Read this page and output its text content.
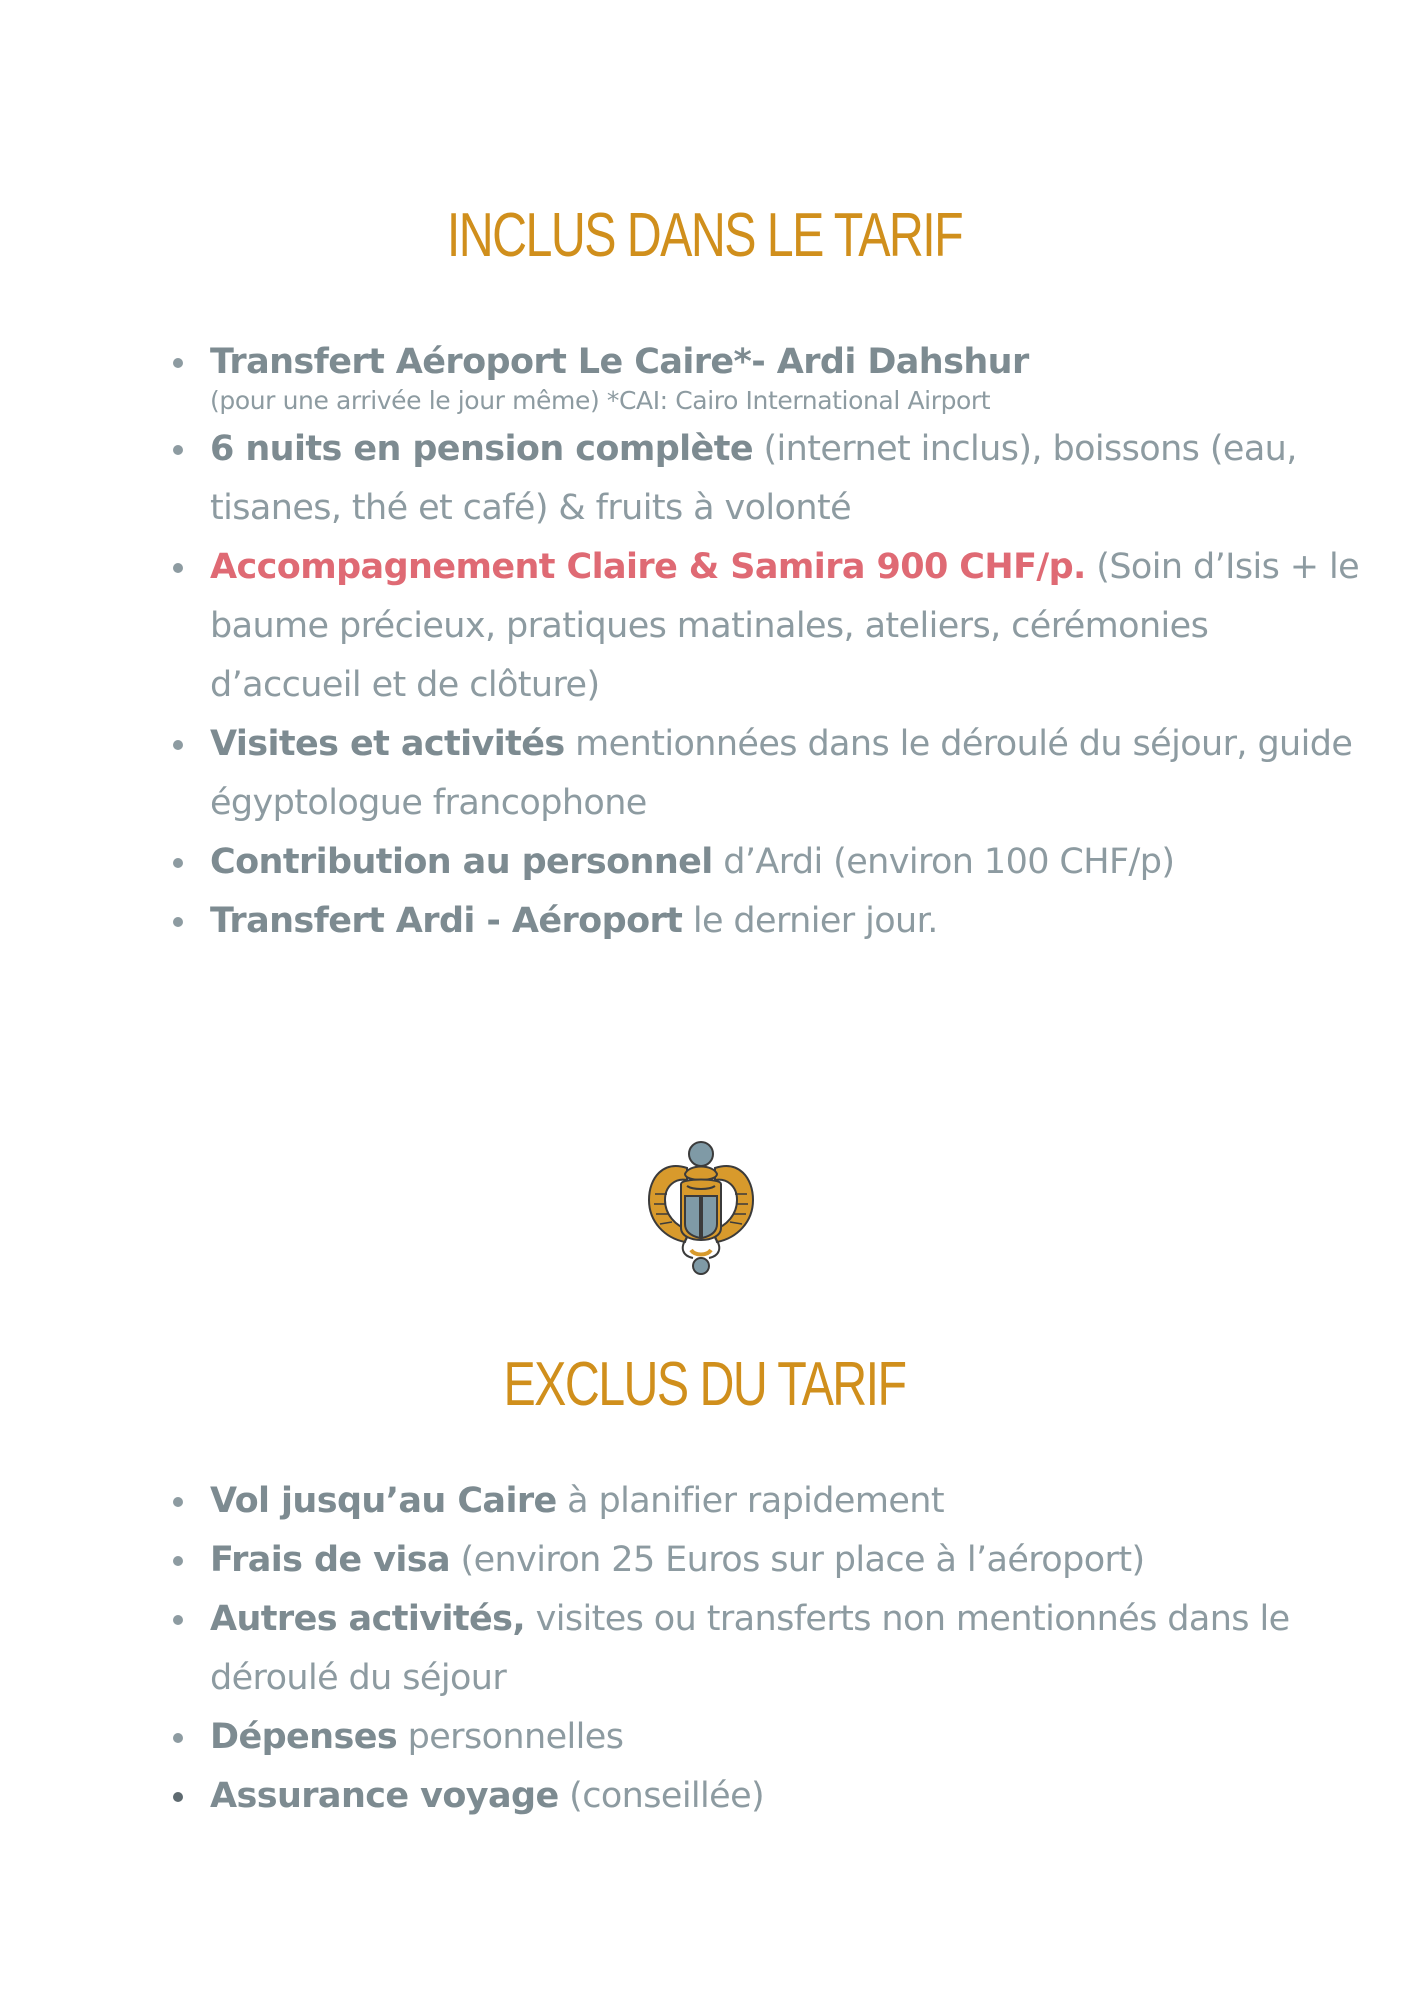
INCLUS DANS LE TARIF
Transfert Aéroport Le Caire*- Ardi Dahshur
(pour une arrivée le jour même) *CAI: Cairo International Airport
6 nuits en pension complète (internet inclus), boissons (eau, tisanes, thé et café) & fruits à volonté
Accompagnement Claire & Samira 900 CHF/p. (Soin d’Isis + le baume précieux, pratiques matinales, ateliers, cérémonies d’accueil et de clôture)
Visites et activités mentionnées dans le déroulé du séjour, guide égyptologue francophone
Contribution au personnel d’Ardi (environ 100 CHF/p)
Transfert Ardi - Aéroport le dernier jour.
EXCLUS DU TARIF
Vol jusqu’au Caire à planifier rapidement
Frais de visa (environ 25 Euros sur place à l’aéroport)
Autres activités, visites ou transferts non mentionnés dans le déroulé du séjour
Dépenses personnelles
Assurance voyage (conseillée)
